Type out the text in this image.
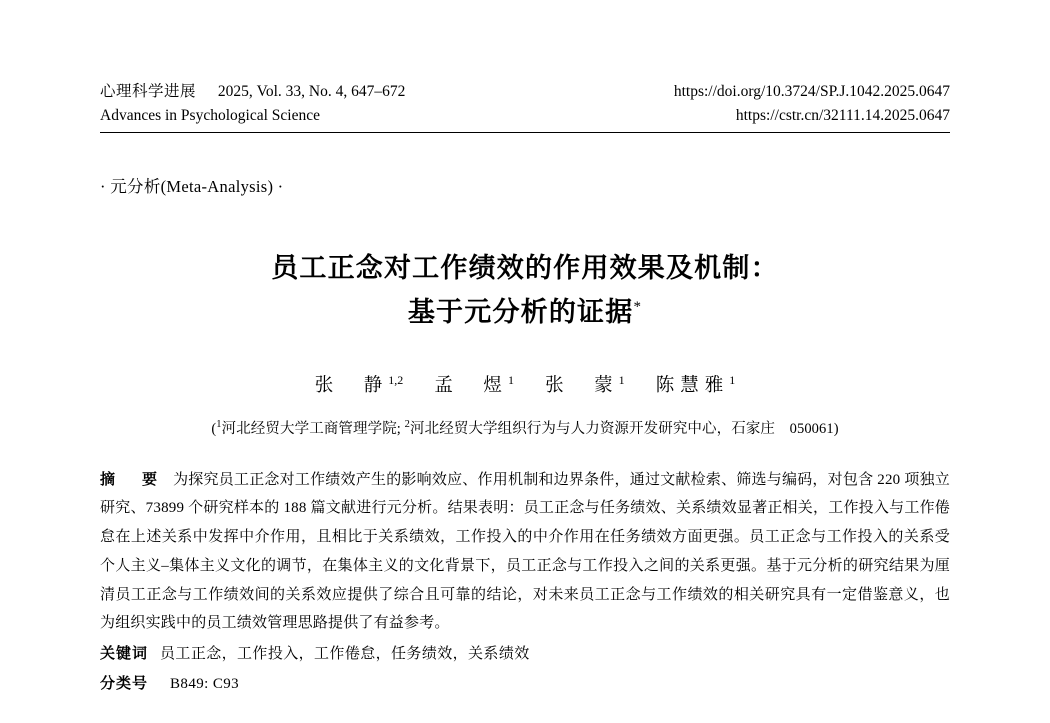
心理科学进展 2025, Vol. 33, No. 4, 647–672	https://doi.org/10.3724/SP.J.1042.2025.0647
Advances in Psychological Science	https://cstr.cn/32111.14.2025.0647
· 元分析(Meta-Analysis) ·
员工正念对工作绩效的作用效果及机制：
基于元分析的证据*
张　静$^{1,2}$ 孟　煜$^1$ 张　蒙$^1$ 陈慧雅$^1$
($^1$河北经贸大学工商管理学院; $^2$河北经贸大学组织行为与人力资源开发研究中心，石家庄　050061)
摘　要 为探究员工正念对工作绩效产生的影响效应、作用机制和边界条件，通过文献检索、筛选与编码，对包含 220 项独立研究、73899 个研究样本的 188 篇文献进行元分析。结果表明：员工正念与任务绩效、关系绩效显著正相关，工作投入与工作倦怠在上述关系中发挥中介作用，且相比于关系绩效，工作投入的中介作用在任务绩效方面更强。员工正念与工作投入的关系受个人主义–集体主义文化的调节，在集体主义的文化背景下，员工正念与工作投入之间的关系更强。基于元分析的研究结果为厘清员工正念与工作绩效间的关系效应提供了综合且可靠的结论，对未来员工正念与工作绩效的相关研究具有一定借鉴意义，也为组织实践中的员工绩效管理思路提供了有益参考。
关键词 员工正念，工作投入，工作倦怠，任务绩效，关系绩效
分类号 B849: C93
